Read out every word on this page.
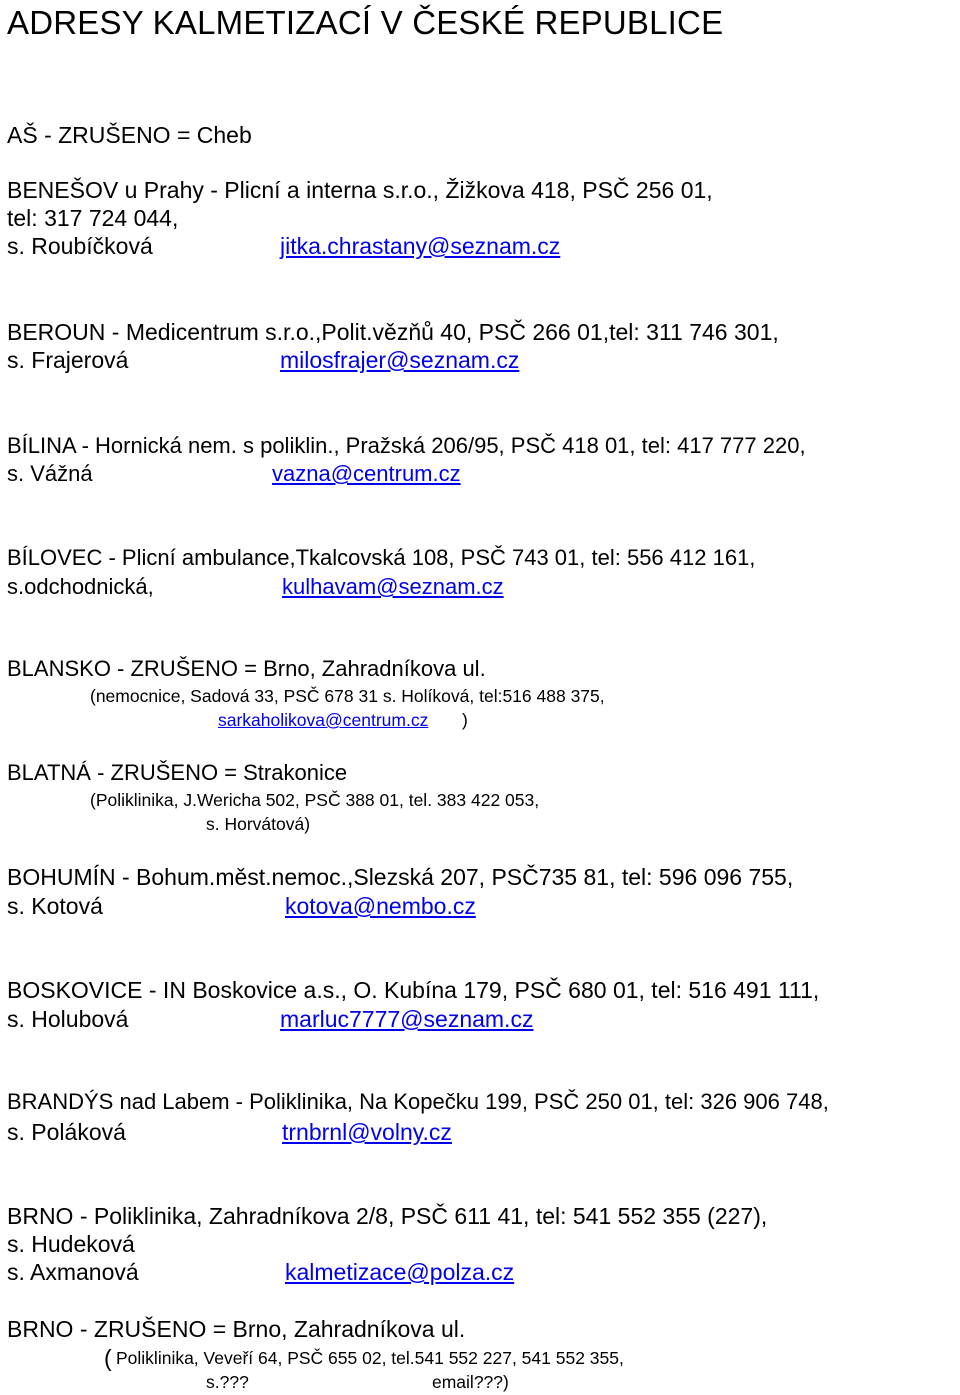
ADRESY KALMETIZACÍ V ČESKÉ REPUBLICE
AŠ - ZRUŠENO = Cheb
BENEŠOV u Prahy - Plicní a interna s.r.o., Žižkova 418, PSČ 256 01,
tel: 317 724 044,
s. Roubíčková	jitka.chrastany@seznam.cz
BEROUN - Medicentrum s.r.o.,Polit.vězňů 40, PSČ 266 01,tel: 311 746 301,
s. Frajerová	milosfrajer@seznam.cz
BÍLINA - Hornická nem. s poliklin., Pražská 206/95, PSČ 418 01, tel: 417 777 220,
s. Vážná	vazna@centrum.cz
BÍLOVEC - Plicní ambulance,Tkalcovská 108, PSČ 743 01, tel: 556 412 161,
s.odchodnická,	kulhavam@seznam.cz
BLANSKO - ZRUŠENO = Brno, Zahradníkova ul.
(nemocnice, Sadová 33, PSČ 678 31 s. Holíková, tel:516 488 375,
sarkaholikova@centrum.cz )
BLATNÁ - ZRUŠENO = Strakonice
(Poliklinika, J.Wericha 502, PSČ 388 01, tel. 383 422 053,
s. Horvátová)
BOHUMÍN - Bohum.měst.nemoc.,Slezská 207, PSČ735 81, tel: 596 096 755,
s. Kotová	kotova@nembo.cz
BOSKOVICE - IN Boskovice a.s., O. Kubína 179, PSČ 680 01, tel: 516 491 111,
s. Holubová	marluc7777@seznam.cz
BRANDÝS nad Labem - Poliklinika, Na Kopečku 199, PSČ 250 01, tel: 326 906 748,
s. Poláková	trnbrnl@volny.cz
BRNO - Poliklinika, Zahradníkova 2/8, PSČ 611 41, tel: 541 552 355 (227),
s. Hudeková
s. Axmanová	kalmetizace@polza.cz
BRNO - ZRUŠENO = Brno, Zahradníkova ul.
( Poliklinika, Veveří 64, PSČ 655 02, tel.541 552 227, 541 552 355,
s.???	email???)
